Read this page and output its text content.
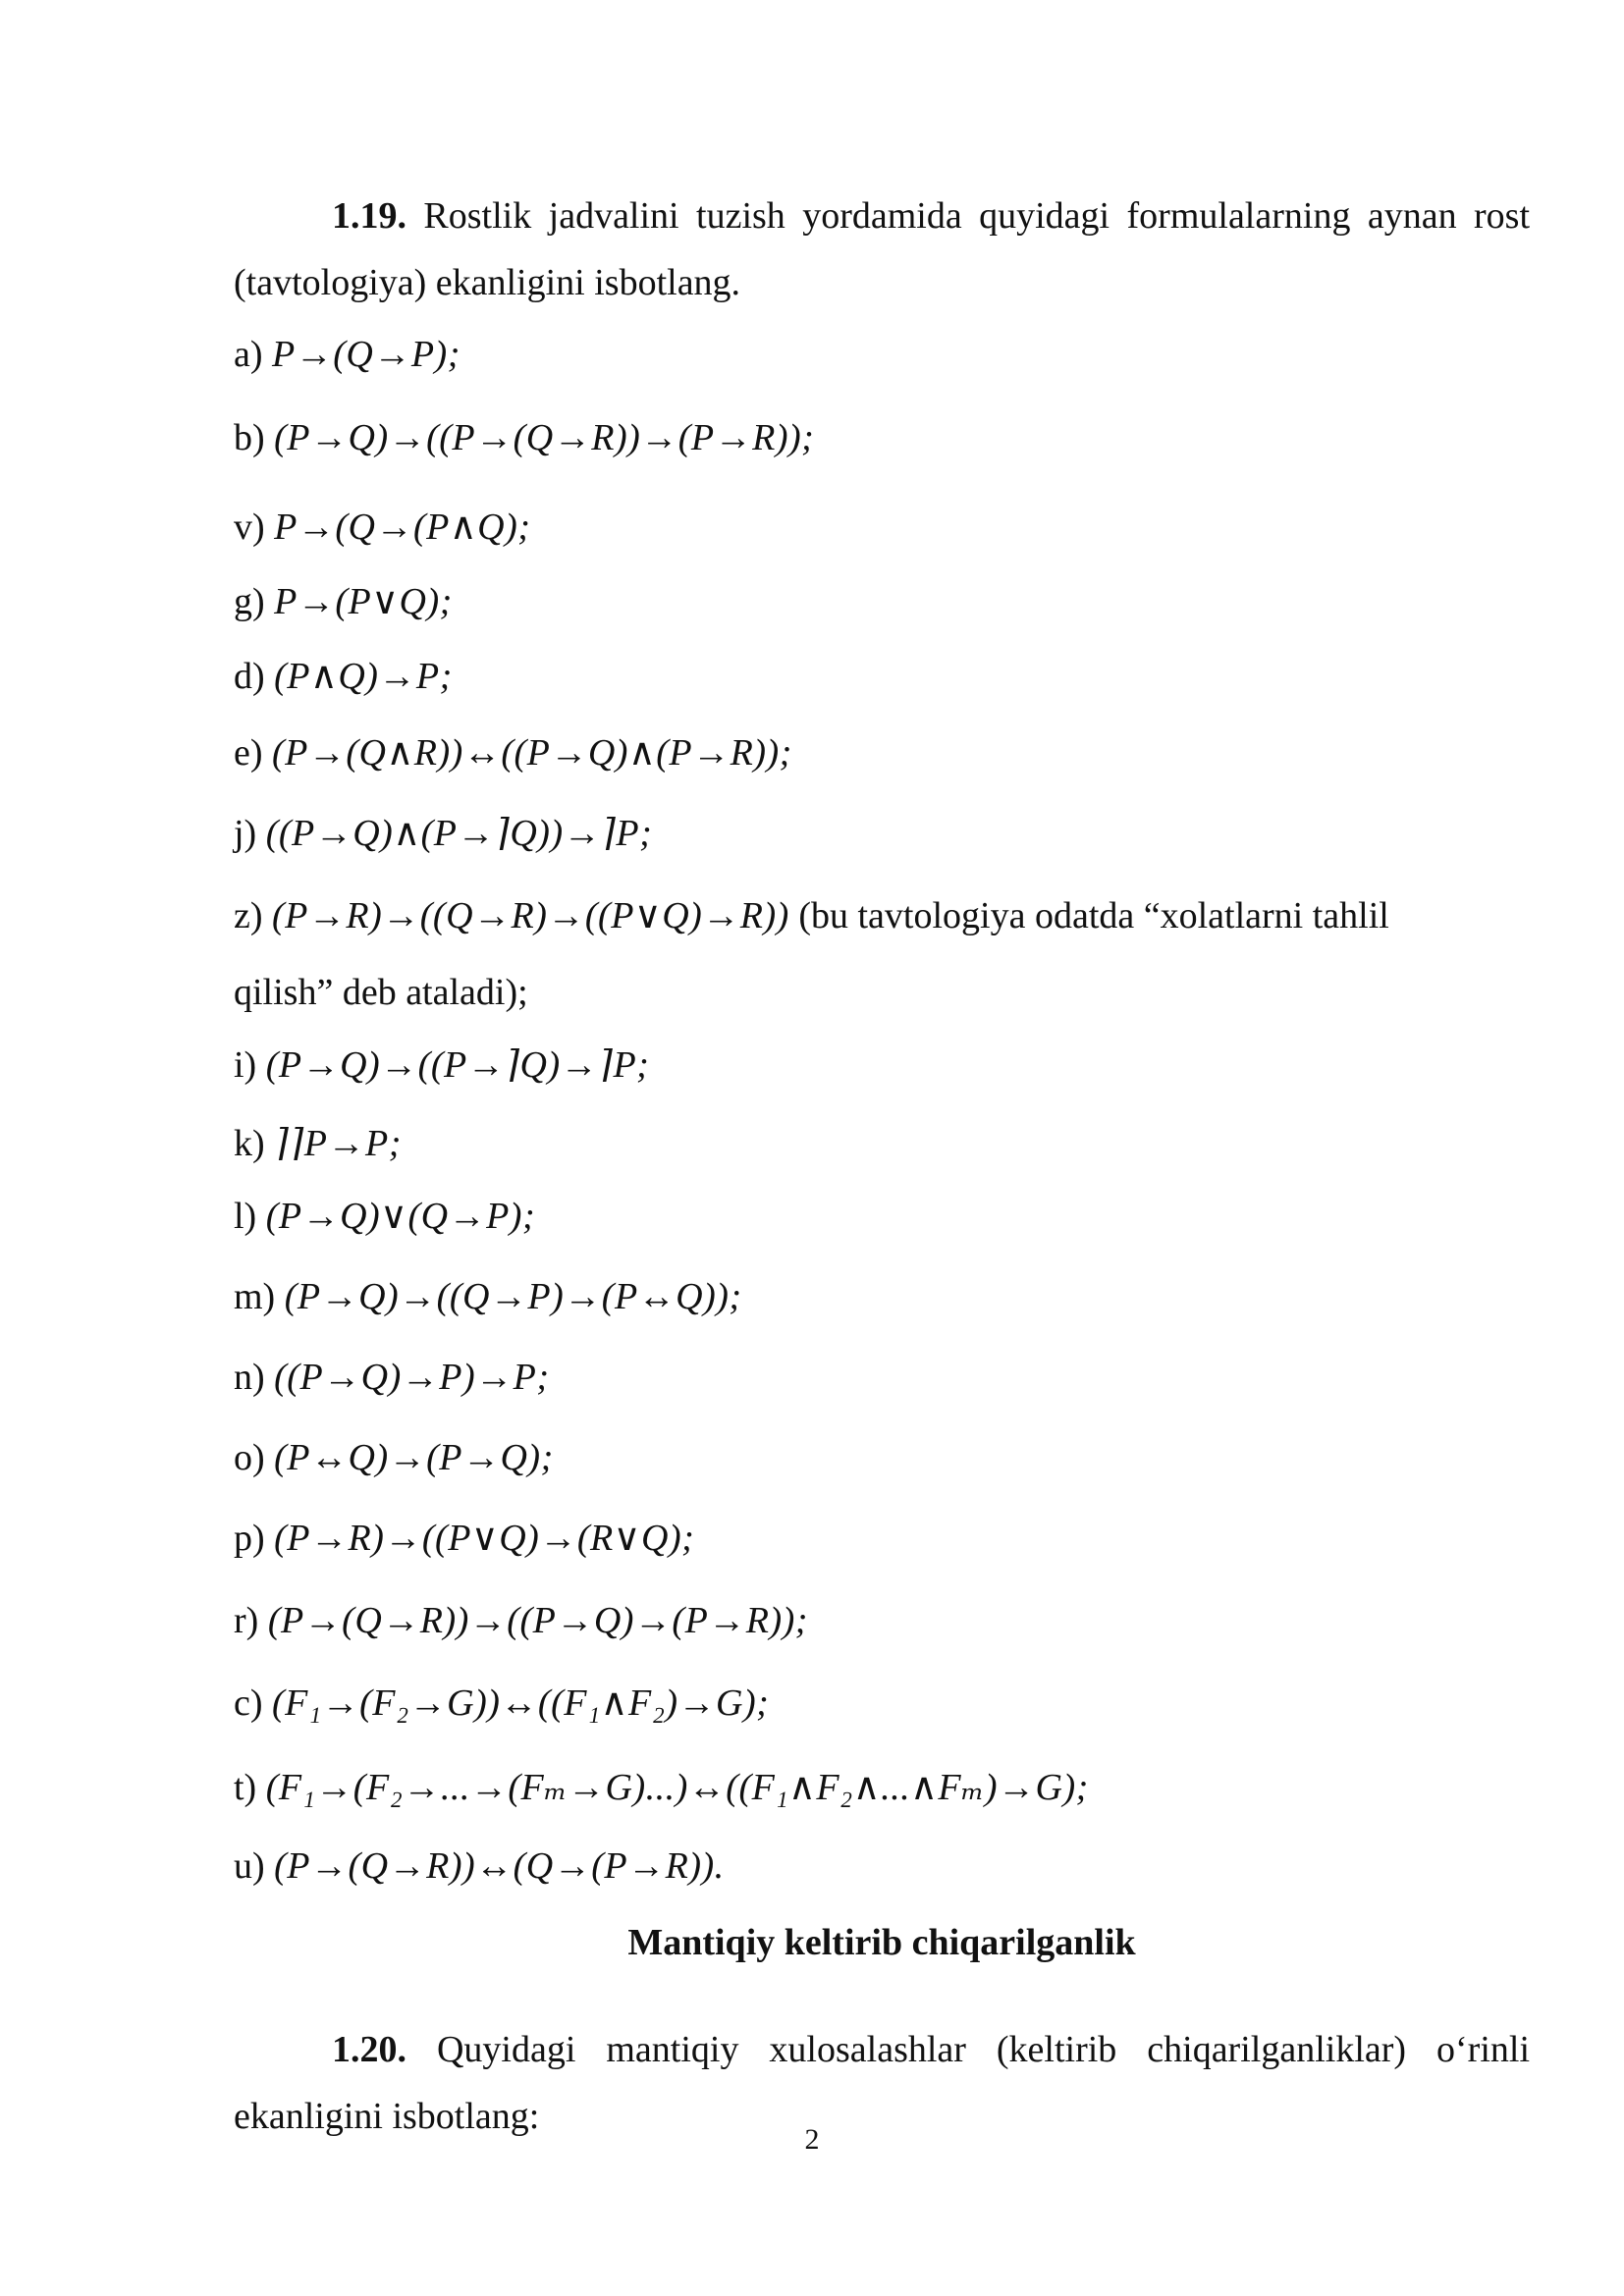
1.19. Rostlik jadvalini tuzish yordamida quyidagi formulalarning aynan rost (tavtologiya) ekanligini isbotlang.
a) P→(Q→P);
b) (P→Q)→((P→(Q→R))→(P→R));
v) P→(Q→(P∧Q);
g) P→(P∨Q);
d) (P∧Q)→P;
e) (P→(Q∧R))↔((P→Q)∧(P→R));
j) ((P→Q)∧(P→⌉Q))→⌉P;
z) (P→R)→((Q→R)→((P∨Q)→R)) (bu tavtologiya odatda “xolatlarni tahlil
qilish” deb ataladi);
i) (P→Q)→((P→⌉Q)→⌉P;
k) ⌉⌉P→P;
l) (P→Q)∨(Q→P);
m) (P→Q)→((Q→P)→(P↔Q));
n) ((P→Q)→P)→P;
o) (P↔Q)→(P→Q);
p) (P→R)→((P∨Q)→(R∨Q);
r) (P→(Q→R))→((P→Q)→(P→R));
c) (F₁→(F₂→G))↔((F₁∧F₂)→G);
t) (F₁→(F₂→...→(Fₘ→G)...)↔((F₁∧F₂∧...∧Fₘ)→G);
u) (P→(Q→R))↔(Q→(P→R)).
Mantiqiy keltirib chiqarilganlik
1.20. Quyidagi mantiqiy xulosalashlar (keltirib chiqarilganliklar) o‘rinli ekanligini isbotlang:
2
